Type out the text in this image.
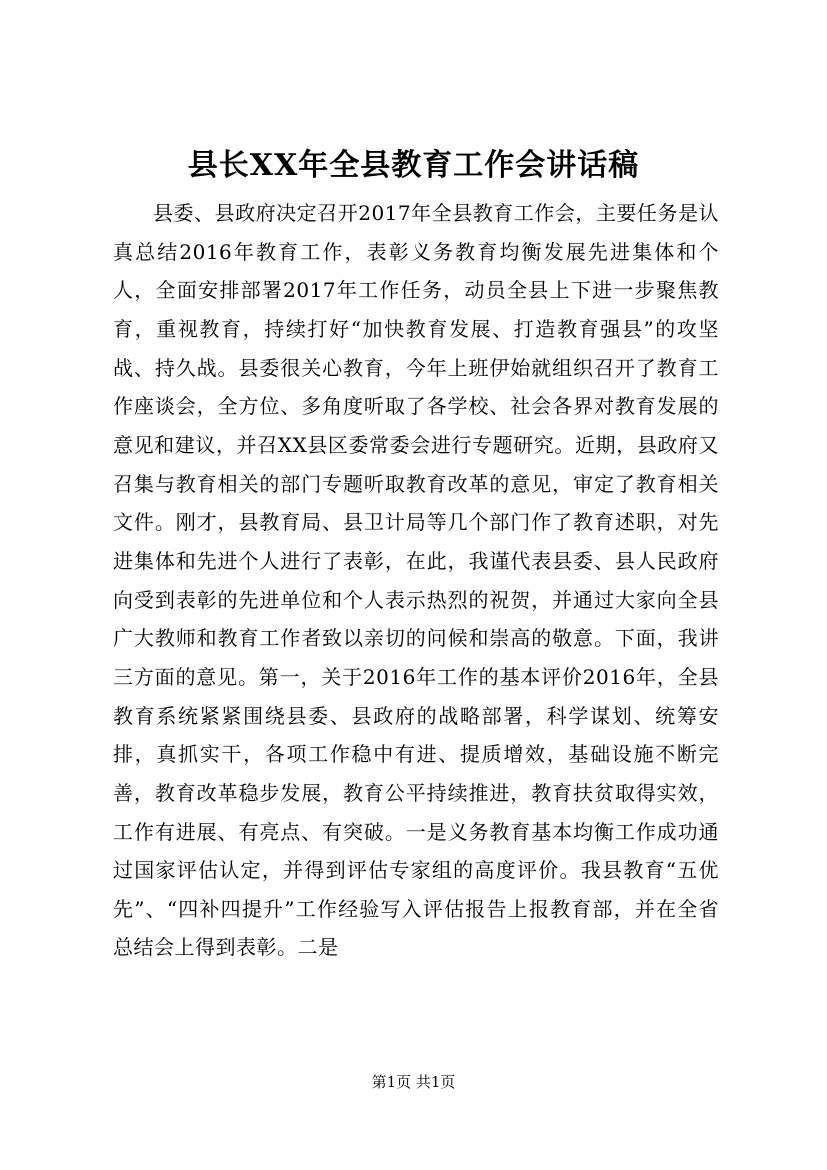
县长XX年全县教育工作会讲话稿

县委、县政府决定召开2017年全县教育工作会，主要任务是认真总结2016年教育工作，表彰义务教育均衡发展先进集体和个人，全面安排部署2017年工作任务，动员全县上下进一步聚焦教育，重视教育，持续打好“加快教育发展、打造教育强县”的攻坚战、持久战。县委很关心教育，今年上班伊始就组织召开了教育工作座谈会，全方位、多角度听取了各学校、社会各界对教育发展的意见和建议，并召XX县区委常委会进行专题研究。近期，县政府又召集与教育相关的部门专题听取教育改革的意见，审定了教育相关文件。刚才，县教育局、县卫计局等几个部门作了教育述职，对先进集体和先进个人进行了表彰，在此，我谨代表县委、县人民政府向受到表彰的先进单位和个人表示热烈的祝贺，并通过大家向全县广大教师和教育工作者致以亲切的问候和崇高的敬意。下面，我讲三方面的意见。第一，关于2016年工作的基本评价2016年，全县教育系统紧紧围绕县委、县政府的战略部署，科学谋划、统筹安排，真抓实干，各项工作稳中有进、提质增效，基础设施不断完善，教育改革稳步发展，教育公平持续推进，教育扶贫取得实效，工作有进展、有亮点、有突破。一是义务教育基本均衡工作成功通过国家评估认定，并得到评估专家组的高度评价。我县教育“五优先”、“四补四提升”工作经验写入评估报告上报教育部，并在全省总结会上得到表彰。二是

第1页 共1页
